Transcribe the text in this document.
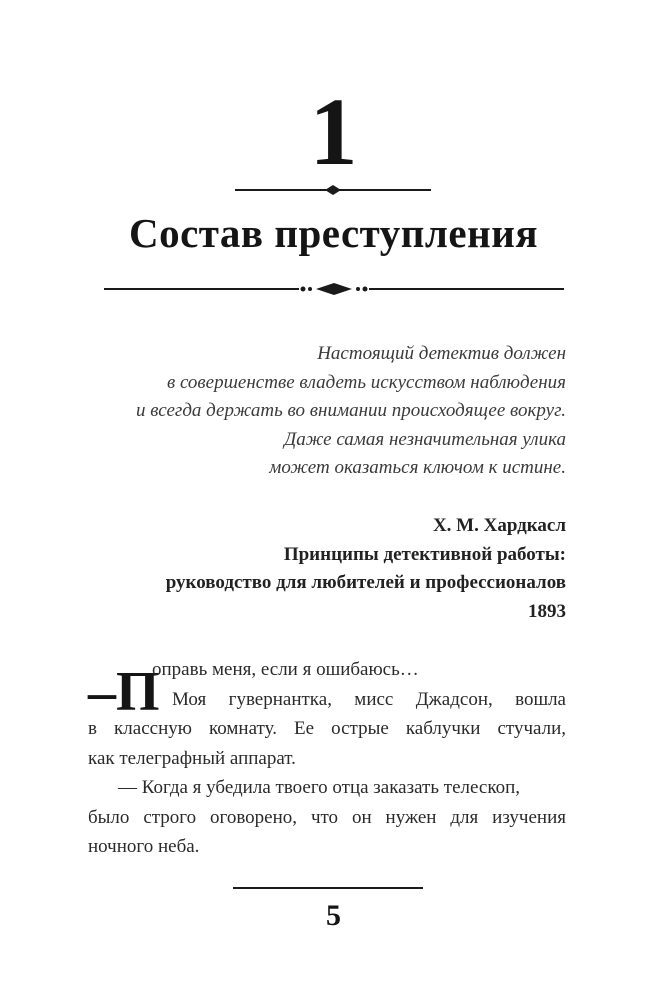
1
Состав преступления
Настоящий детектив должен
в совершенстве владеть искусством наблюдения
и всегда держать во внимании происходящее вокруг.
Даже самая незначительная улика
может оказаться ключом к истине.
Х. М. Хардкасл
Принципы детективной работы:
руководство для любителей и профессионалов
1893
–П
оправь меня, если я ошибаюсь…
Моя гувернантка, мисс Джадсон, вошла
в классную комнату. Ее острые каблучки стучали,
как телеграфный аппарат.
— Когда я убедила твоего отца заказать телескоп,
было строго оговорено, что он нужен для изучения
ночного неба.
5
